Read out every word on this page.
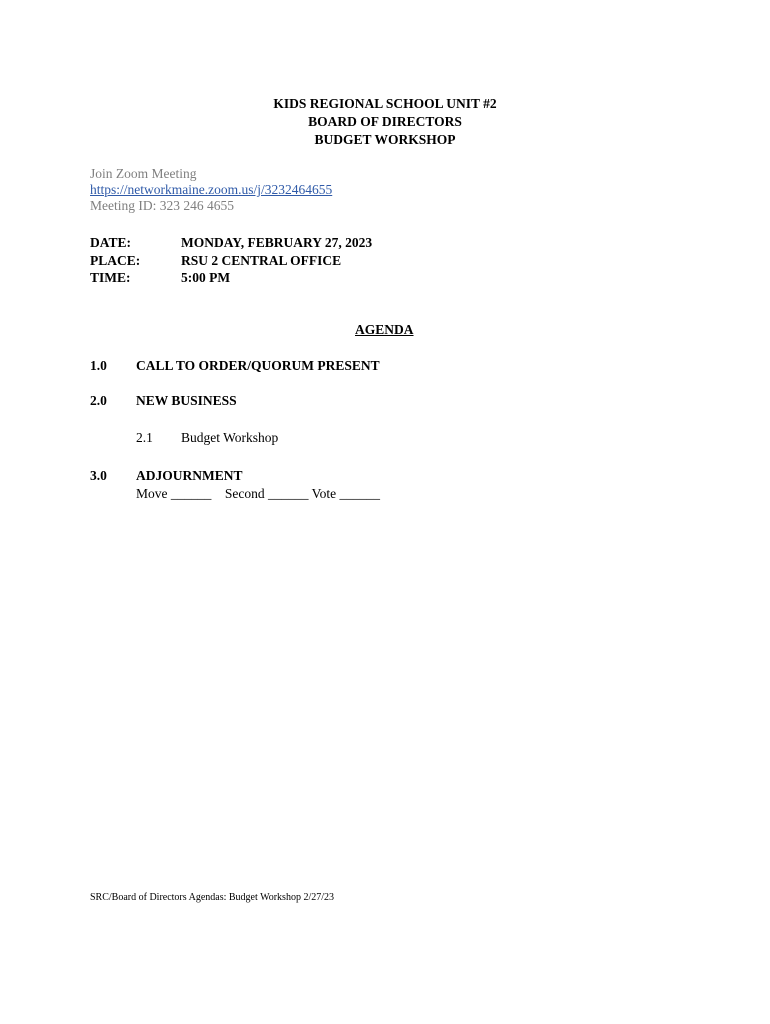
KIDS REGIONAL SCHOOL UNIT #2
BOARD OF DIRECTORS
BUDGET WORKSHOP
Join Zoom Meeting
https://networkmaine.zoom.us/j/3232464655
Meeting ID: 323 246 4655
DATE:	MONDAY, FEBRUARY 27, 2023
PLACE:	RSU 2 CENTRAL OFFICE
TIME:	5:00 PM
AGENDA
1.0	CALL TO ORDER/QUORUM PRESENT
2.0	NEW BUSINESS
2.1	Budget Workshop
3.0	ADJOURNMENT
Move ______    Second ______ Vote ______
SRC/Board of Directors Agendas: Budget Workshop 2/27/23
